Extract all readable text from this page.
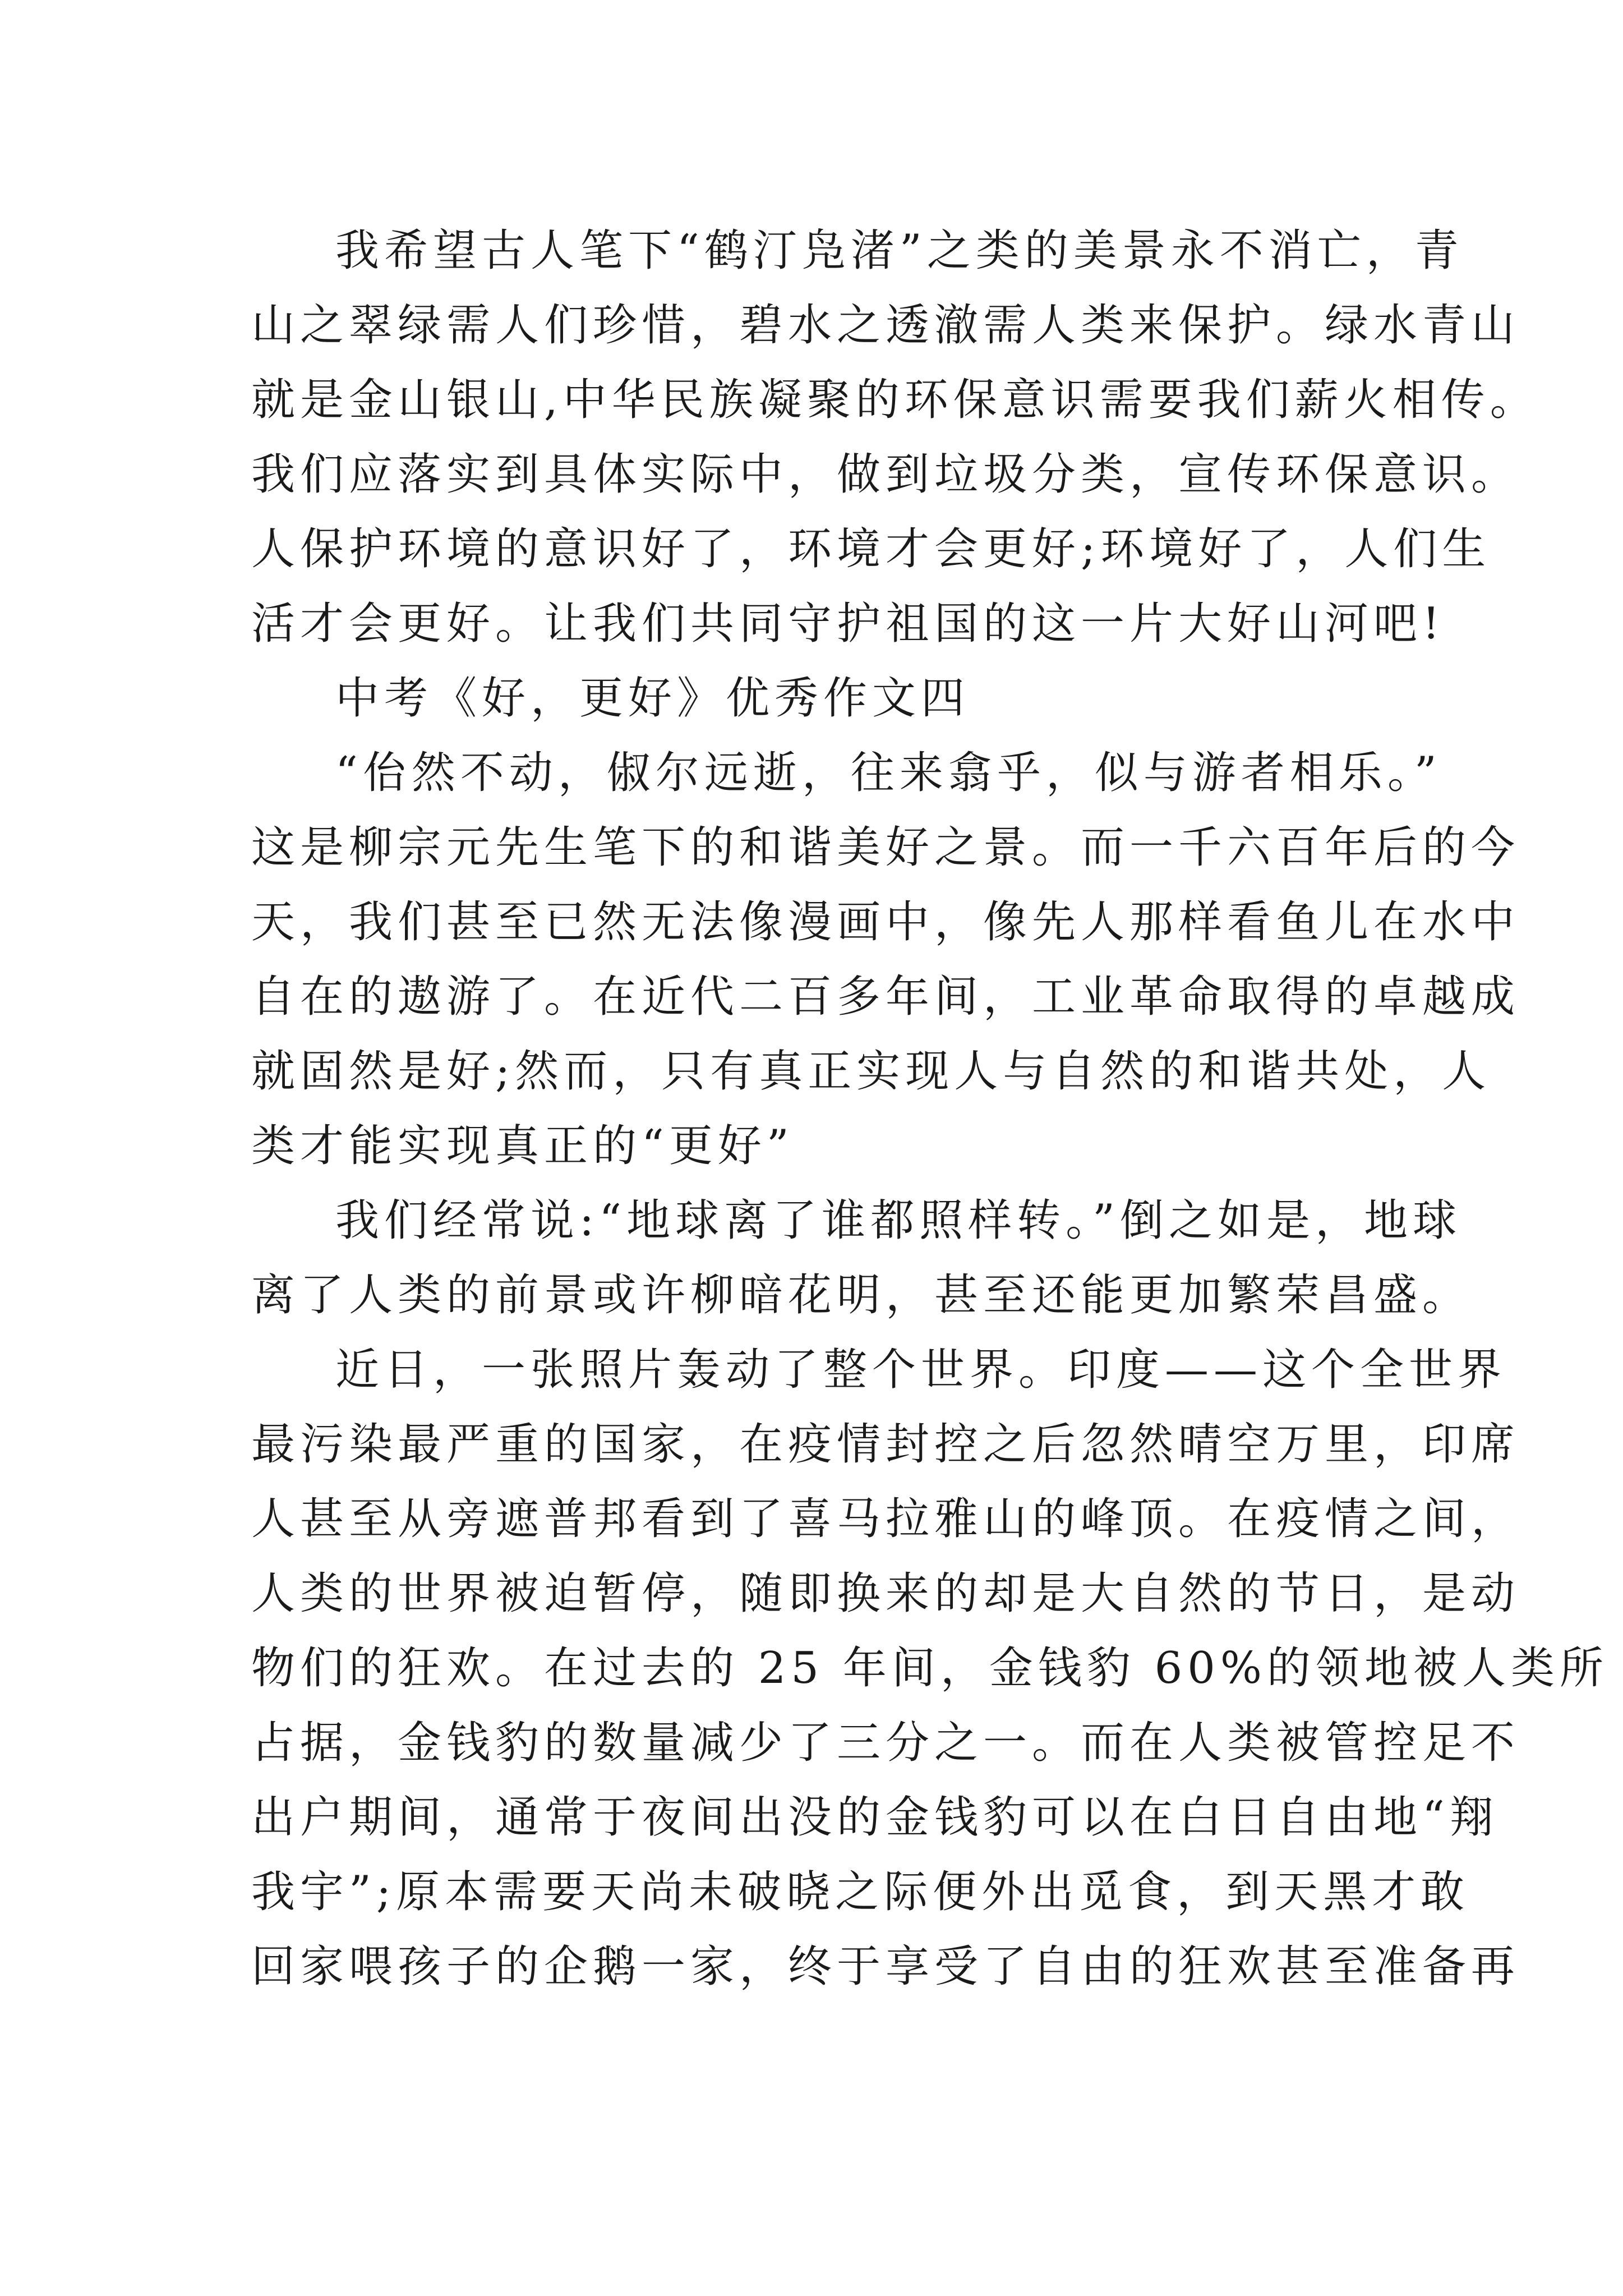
我希望古人笔下“鹤汀凫渚”之类的美景永不消亡，青
山之翠绿需人们珍惜，碧水之透澈需人类来保护。绿水青山
就是金山银山,中华民族凝聚的环保意识需要我们薪火相传。
我们应落实到具体实际中，做到垃圾分类，宣传环保意识。
人保护环境的意识好了，环境才会更好;环境好了，人们生
活才会更好。让我们共同守护祖国的这一片大好山河吧!
中考《好，更好》优秀作文四
“佁然不动，俶尔远逝，往来翕乎，似与游者相乐。”
这是柳宗元先生笔下的和谐美好之景。而一千六百年后的今
天，我们甚至已然无法像漫画中，像先人那样看鱼儿在水中
自在的遨游了。在近代二百多年间，工业革命取得的卓越成
就固然是好;然而，只有真正实现人与自然的和谐共处，人
类才能实现真正的“更好”
我们经常说:“地球离了谁都照样转。”倒之如是，地球
离了人类的前景或许柳暗花明，甚至还能更加繁荣昌盛。
近日，一张照片轰动了整个世界。印度——这个全世界
最污染最严重的国家，在疫情封控之后忽然晴空万里，印席
人甚至从旁遮普邦看到了喜马拉雅山的峰顶。在疫情之间，
人类的世界被迫暂停，随即换来的却是大自然的节日，是动
物们的狂欢。在过去的 25 年间，金钱豹 60%的领地被人类所
占据，金钱豹的数量减少了三分之一。而在人类被管控足不
出户期间，通常于夜间出没的金钱豹可以在白日自由地“翔
我宇”;原本需要天尚未破晓之际便外出觅食，到天黑才敢
回家喂孩子的企鹅一家，终于享受了自由的狂欢甚至准备再
